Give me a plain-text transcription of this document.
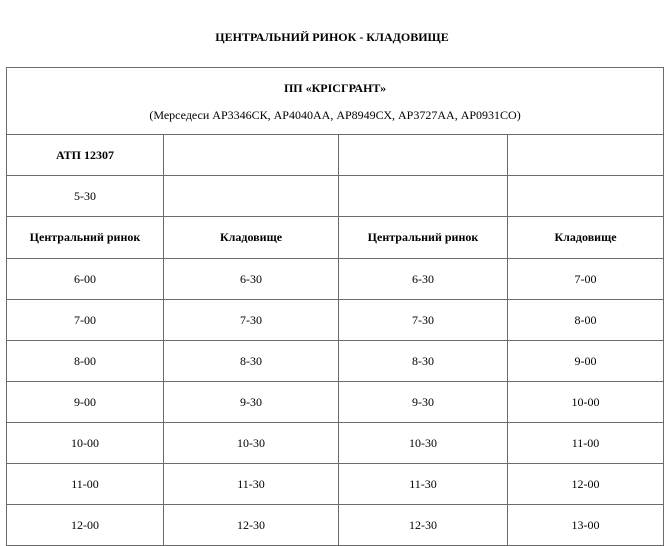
ЦЕНТРАЛЬНИЙ РИНОК - КЛАДОВИЩЕ
ПП «КРІСГРАНТ»
(Мерседеси АР3346СК, АР4040АА, АР8949СХ, АР3727АА, АР0931СО)			

АТП 12307			
5-30			
Центральний ринок	Кладовище	Центральний ринок	Кладовище
6-00	6-30	6-30	7-00
7-00	7-30	7-30	8-00
8-00	8-30	8-30	9-00
9-00	9-30	9-30	10-00
10-00	10-30	10-30	11-00
11-00	11-30	11-30	12-00
12-00	12-30	12-30	13-00
